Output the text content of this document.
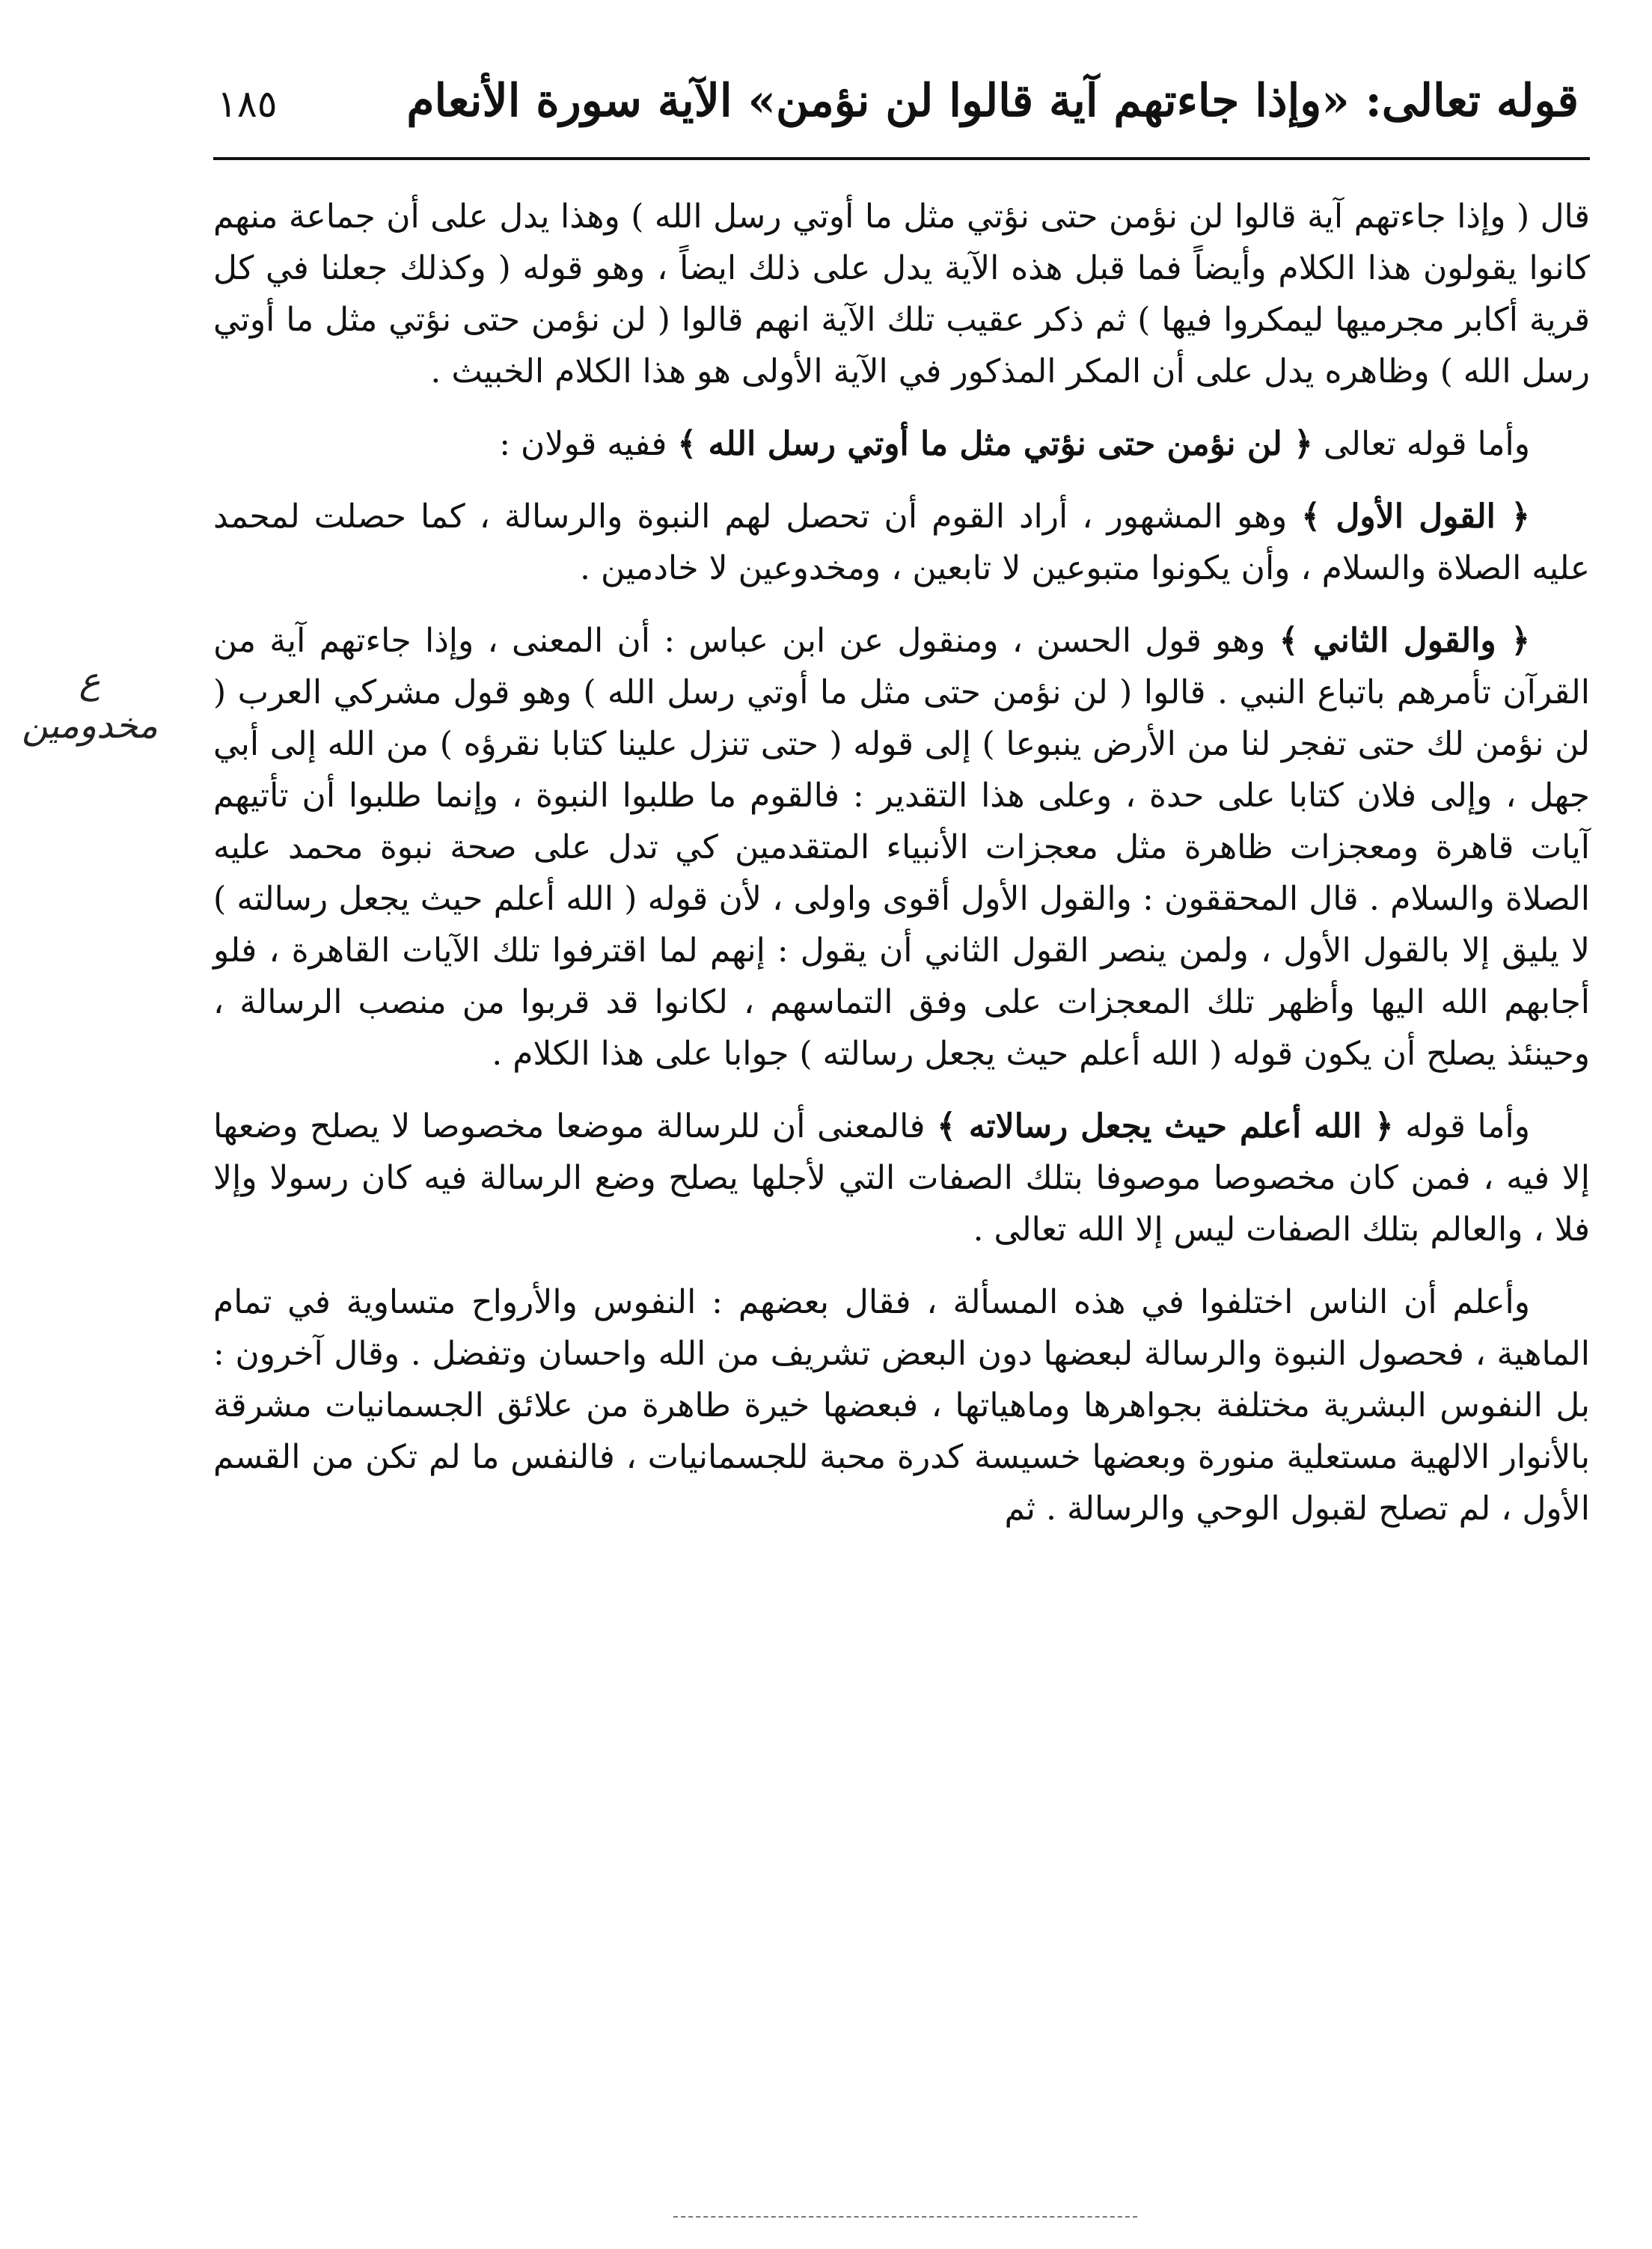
١٨٥	قوله تعالى: «وإذا جاءتهم آية قالوا لن نؤمن» الآية سورة الأنعام
ع
مخدومين

قال ( وإذا جاءتهم آية قالوا لن نؤمن حتى نؤتي مثل ما أوتي رسل الله ) وهذا يدل على أن جماعة منهم كانوا يقولون هذا الكلام وأيضاً فما قبل هذه الآية يدل على ذلك ايضاً ، وهو قوله ( وكذلك جعلنا في كل قرية أكابر مجرميها ليمكروا فيها ) ثم ذكر عقيب تلك الآية انهم قالوا ( لن نؤمن حتى نؤتي مثل ما أوتي رسل الله ) وظاهره يدل على أن المكر المذكور في الآية الأولى هو هذا الكلام الخبيث .

وأما قوله تعالى ﴿ لن نؤمن حتى نؤتي مثل ما أوتي رسل الله ﴾ ففيه قولان :

﴿ القول الأول ﴾ وهو المشهور ، أراد القوم أن تحصل لهم النبوة والرسالة ، كما حصلت لمحمد عليه الصلاة والسلام ، وأن يكونوا متبوعين لا تابعين ، ومخدوعين لا خادمين .

﴿ والقول الثاني ﴾ وهو قول الحسن ، ومنقول عن ابن عباس : أن المعنى ، وإذا جاءتهم آية من القرآن تأمرهم باتباع النبي . قالوا ( لن نؤمن حتى مثل ما أوتي رسل الله ) وهو قول مشركي العرب ( لن نؤمن لك حتى تفجر لنا من الأرض ينبوعا ) إلى قوله ( حتى تنزل علينا كتابا نقرؤه ) من الله إلى أبي جهل ، وإلى فلان كتابا على حدة ، وعلى هذا التقدير : فالقوم ما طلبوا النبوة ، وإنما طلبوا أن تأتيهم آيات قاهرة ومعجزات ظاهرة مثل معجزات الأنبياء المتقدمين كي تدل على صحة نبوة محمد عليه الصلاة والسلام . قال المحققون : والقول الأول أقوى واولى ، لأن قوله ( الله أعلم حيث يجعل رسالته ) لا يليق إلا بالقول الأول ، ولمن ينصر القول الثاني أن يقول : إنهم لما اقترفوا تلك الآيات القاهرة ، فلو أجابهم الله اليها وأظهر تلك المعجزات على وفق التماسهم ، لكانوا قد قربوا من منصب الرسالة ، وحينئذ يصلح أن يكون قوله ( الله أعلم حيث يجعل رسالته ) جوابا على هذا الكلام .

وأما قوله ﴿ الله أعلم حيث يجعل رسالاته ﴾ فالمعنى أن للرسالة موضعا مخصوصا لا يصلح وضعها إلا فيه ، فمن كان مخصوصا موصوفا بتلك الصفات التي لأجلها يصلح وضع الرسالة فيه كان رسولا وإلا فلا ، والعالم بتلك الصفات ليس إلا الله تعالى .

وأعلم أن الناس اختلفوا في هذه المسألة ، فقال بعضهم : النفوس والأرواح متساوية في تمام الماهية ، فحصول النبوة والرسالة لبعضها دون البعض تشريف من الله واحسان وتفضل . وقال آخرون : بل النفوس البشرية مختلفة بجواهرها وماهياتها ، فبعضها خيرة طاهرة من علائق الجسمانيات مشرقة بالأنوار الالهية مستعلية منورة وبعضها خسيسة كدرة محبة للجسمانيات ، فالنفس ما لم تكن من القسم الأول ، لم تصلح لقبول الوحي والرسالة . ثم
